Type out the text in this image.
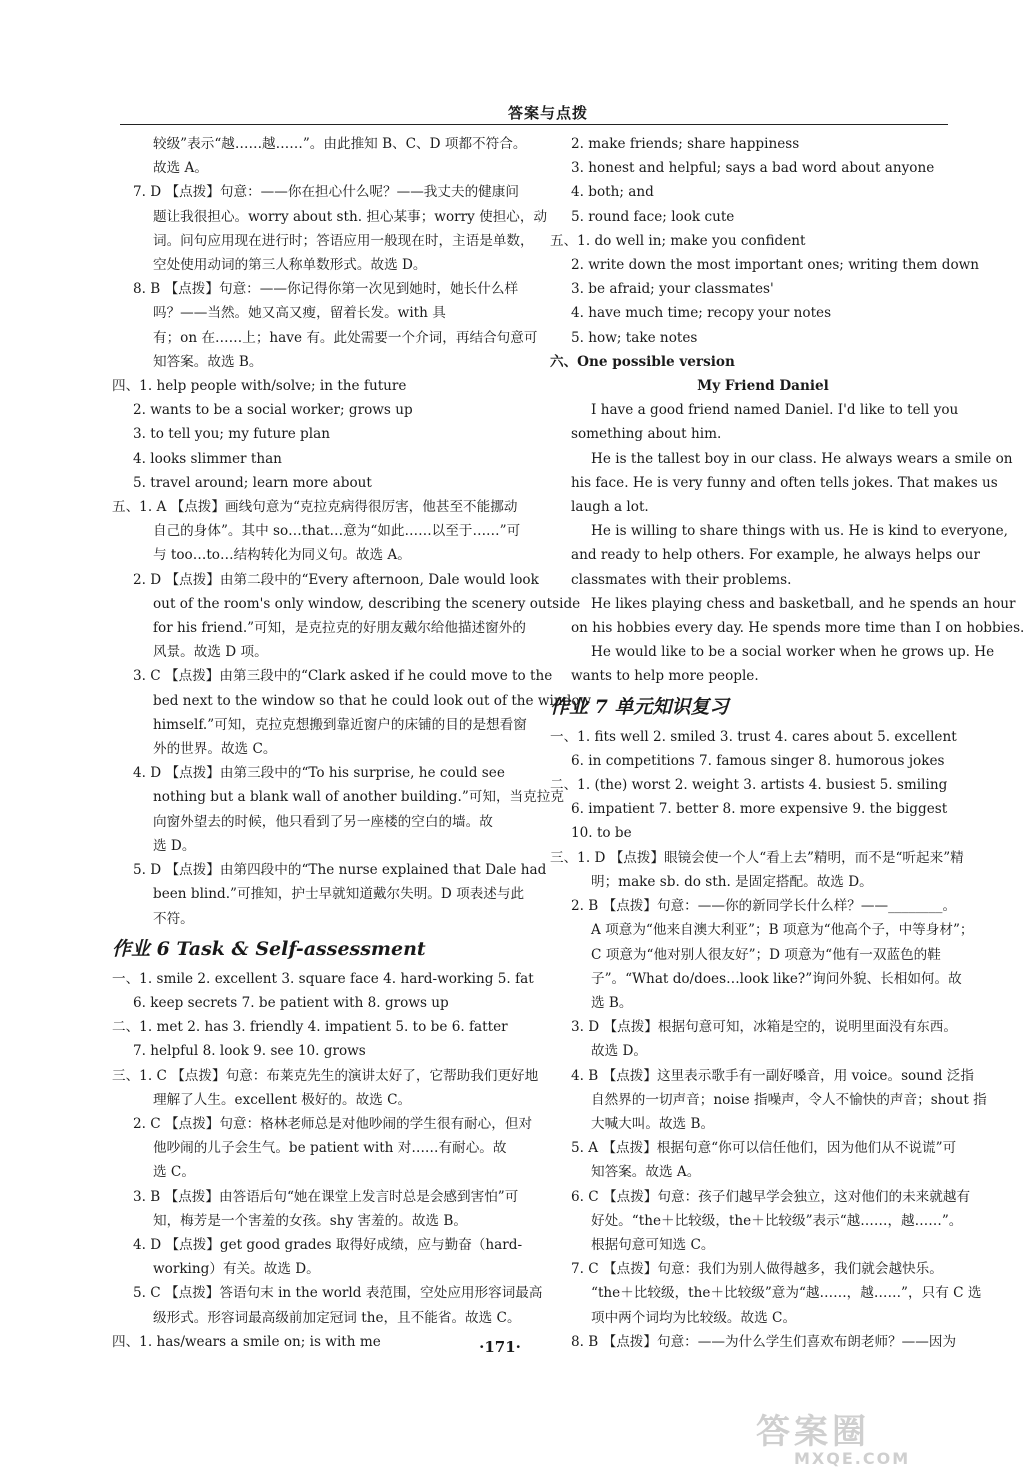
答案与点拨
较级”表示“越……越……”。由此推知 B、C、D 项都不符合。
故选 A。
7. D 【点拨】句意：——你在担心什么呢？——我丈夫的健康问
题让我很担心。worry about sth. 担心某事；worry 使担心，动
词。问句应用现在进行时；答语应用一般现在时，主语是单数，
空处使用动词的第三人称单数形式。故选 D。
8. B 【点拨】句意：——你记得你第一次见到她时，她长什么样
吗？——当然。她又高又瘦，留着长发。with 具
有；on 在……上；have 有。此处需要一个介词，再结合句意可
知答案。故选 B。
四、1. help people with/solve; in the future
2. wants to be a social worker; grows up
3. to tell you; my future plan
4. looks slimmer than
5. travel around; learn more about
五、1. A 【点拨】画线句意为“克拉克病得很厉害，他甚至不能挪动
自己的身体”。其中 so…that…意为“如此……以至于……”可
与 too…to…结构转化为同义句。故选 A。
2. D 【点拨】由第二段中的“Every afternoon, Dale would look
out of the room's only window, describing the scenery outside
for his friend.”可知，是克拉克的好朋友戴尔给他描述窗外的
风景。故选 D 项。
3. C 【点拨】由第三段中的“Clark asked if he could move to the
bed next to the window so that he could look out of the window
himself.”可知，克拉克想搬到靠近窗户的床铺的目的是想看窗
外的世界。故选 C。
4. D 【点拨】由第三段中的“To his surprise, he could see
nothing but a blank wall of another building.”可知，当克拉克
向窗外望去的时候，他只看到了另一座楼的空白的墙。故
选 D。
5. D 【点拨】由第四段中的“The nurse explained that Dale had
been blind.”可推知，护士早就知道戴尔失明。D 项表述与此
不符。
作业 6 Task & Self-assessment
一、1. smile 2. excellent 3. square face 4. hard-working 5. fat
6. keep secrets 7. be patient with 8. grows up
二、1. met 2. has 3. friendly 4. impatient 5. to be 6. fatter
7. helpful 8. look 9. see 10. grows
三、1. C 【点拨】句意：布莱克先生的演讲太好了，它帮助我们更好地
理解了人生。excellent 极好的。故选 C。
2. C 【点拨】句意：格林老师总是对他吵闹的学生很有耐心，但对
他吵闹的儿子会生气。be patient with 对……有耐心。故
选 C。
3. B 【点拨】由答语后句“她在课堂上发言时总是会感到害怕”可
知，梅芳是一个害羞的女孩。shy 害羞的。故选 B。
4. D 【点拨】get good grades 取得好成绩，应与勤奋（hard-
working）有关。故选 D。
5. C 【点拨】答语句末 in the world 表范围，空处应用形容词最高
级形式。形容词最高级前加定冠词 the，且不能省。故选 C。
四、1. has/wears a smile on; is with me
2. make friends; share happiness
3. honest and helpful; says a bad word about anyone
4. both; and
5. round face; look cute
五、1. do well in; make you confident
2. write down the most important ones; writing them down
3. be afraid; your classmates'
4. have much time; recopy your notes
5. how; take notes
六、One possible version
My Friend Daniel
I have a good friend named Daniel. I'd like to tell you
something about him.
He is the tallest boy in our class. He always wears a smile on
his face. He is very funny and often tells jokes. That makes us
laugh a lot.
He is willing to share things with us. He is kind to everyone,
and ready to help others. For example, he always helps our
classmates with their problems.
He likes playing chess and basketball, and he spends an hour
on his hobbies every day. He spends more time than I on hobbies.
He would like to be a social worker when he grows up. He
wants to help more people.
作业 7 单元知识复习
一、1. fits well 2. smiled 3. trust 4. cares about 5. excellent
6. in competitions 7. famous singer 8. humorous jokes
二、1. (the) worst 2. weight 3. artists 4. busiest 5. smiling
6. impatient 7. better 8. more expensive 9. the biggest
10. to be
三、1. D 【点拨】眼镜会使一个人“看上去”精明，而不是“听起来”精
明；make sb. do sth. 是固定搭配。故选 D。
2. B 【点拨】句意：——你的新同学长什么样？——________。
A 项意为“他来自澳大利亚”；B 项意为“他高个子，中等身材”；
C 项意为“他对别人很友好”；D 项意为“他有一双蓝色的鞋
子”。“What do/does…look like?”询问外貌、长相如何。故
选 B。
3. D 【点拨】根据句意可知，冰箱是空的，说明里面没有东西。
故选 D。
4. B 【点拨】这里表示歌手有一副好嗓音，用 voice。sound 泛指
自然界的一切声音；noise 指噪声，令人不愉快的声音；shout 指
大喊大叫。故选 B。
5. A 【点拨】根据句意“你可以信任他们，因为他们从不说谎”可
知答案。故选 A。
6. C 【点拨】句意：孩子们越早学会独立，这对他们的未来就越有
好处。“the＋比较级，the＋比较级”表示“越……，越……”。
根据句意可知选 C。
7. C 【点拨】句意：我们为别人做得越多，我们就会越快乐。
“the＋比较级，the＋比较级”意为“越……，越……”，只有 C 选
项中两个词均为比较级。故选 C。
8. B 【点拨】句意：——为什么学生们喜欢布朗老师？——因为
·171·
答案圈
MXQE.COM
